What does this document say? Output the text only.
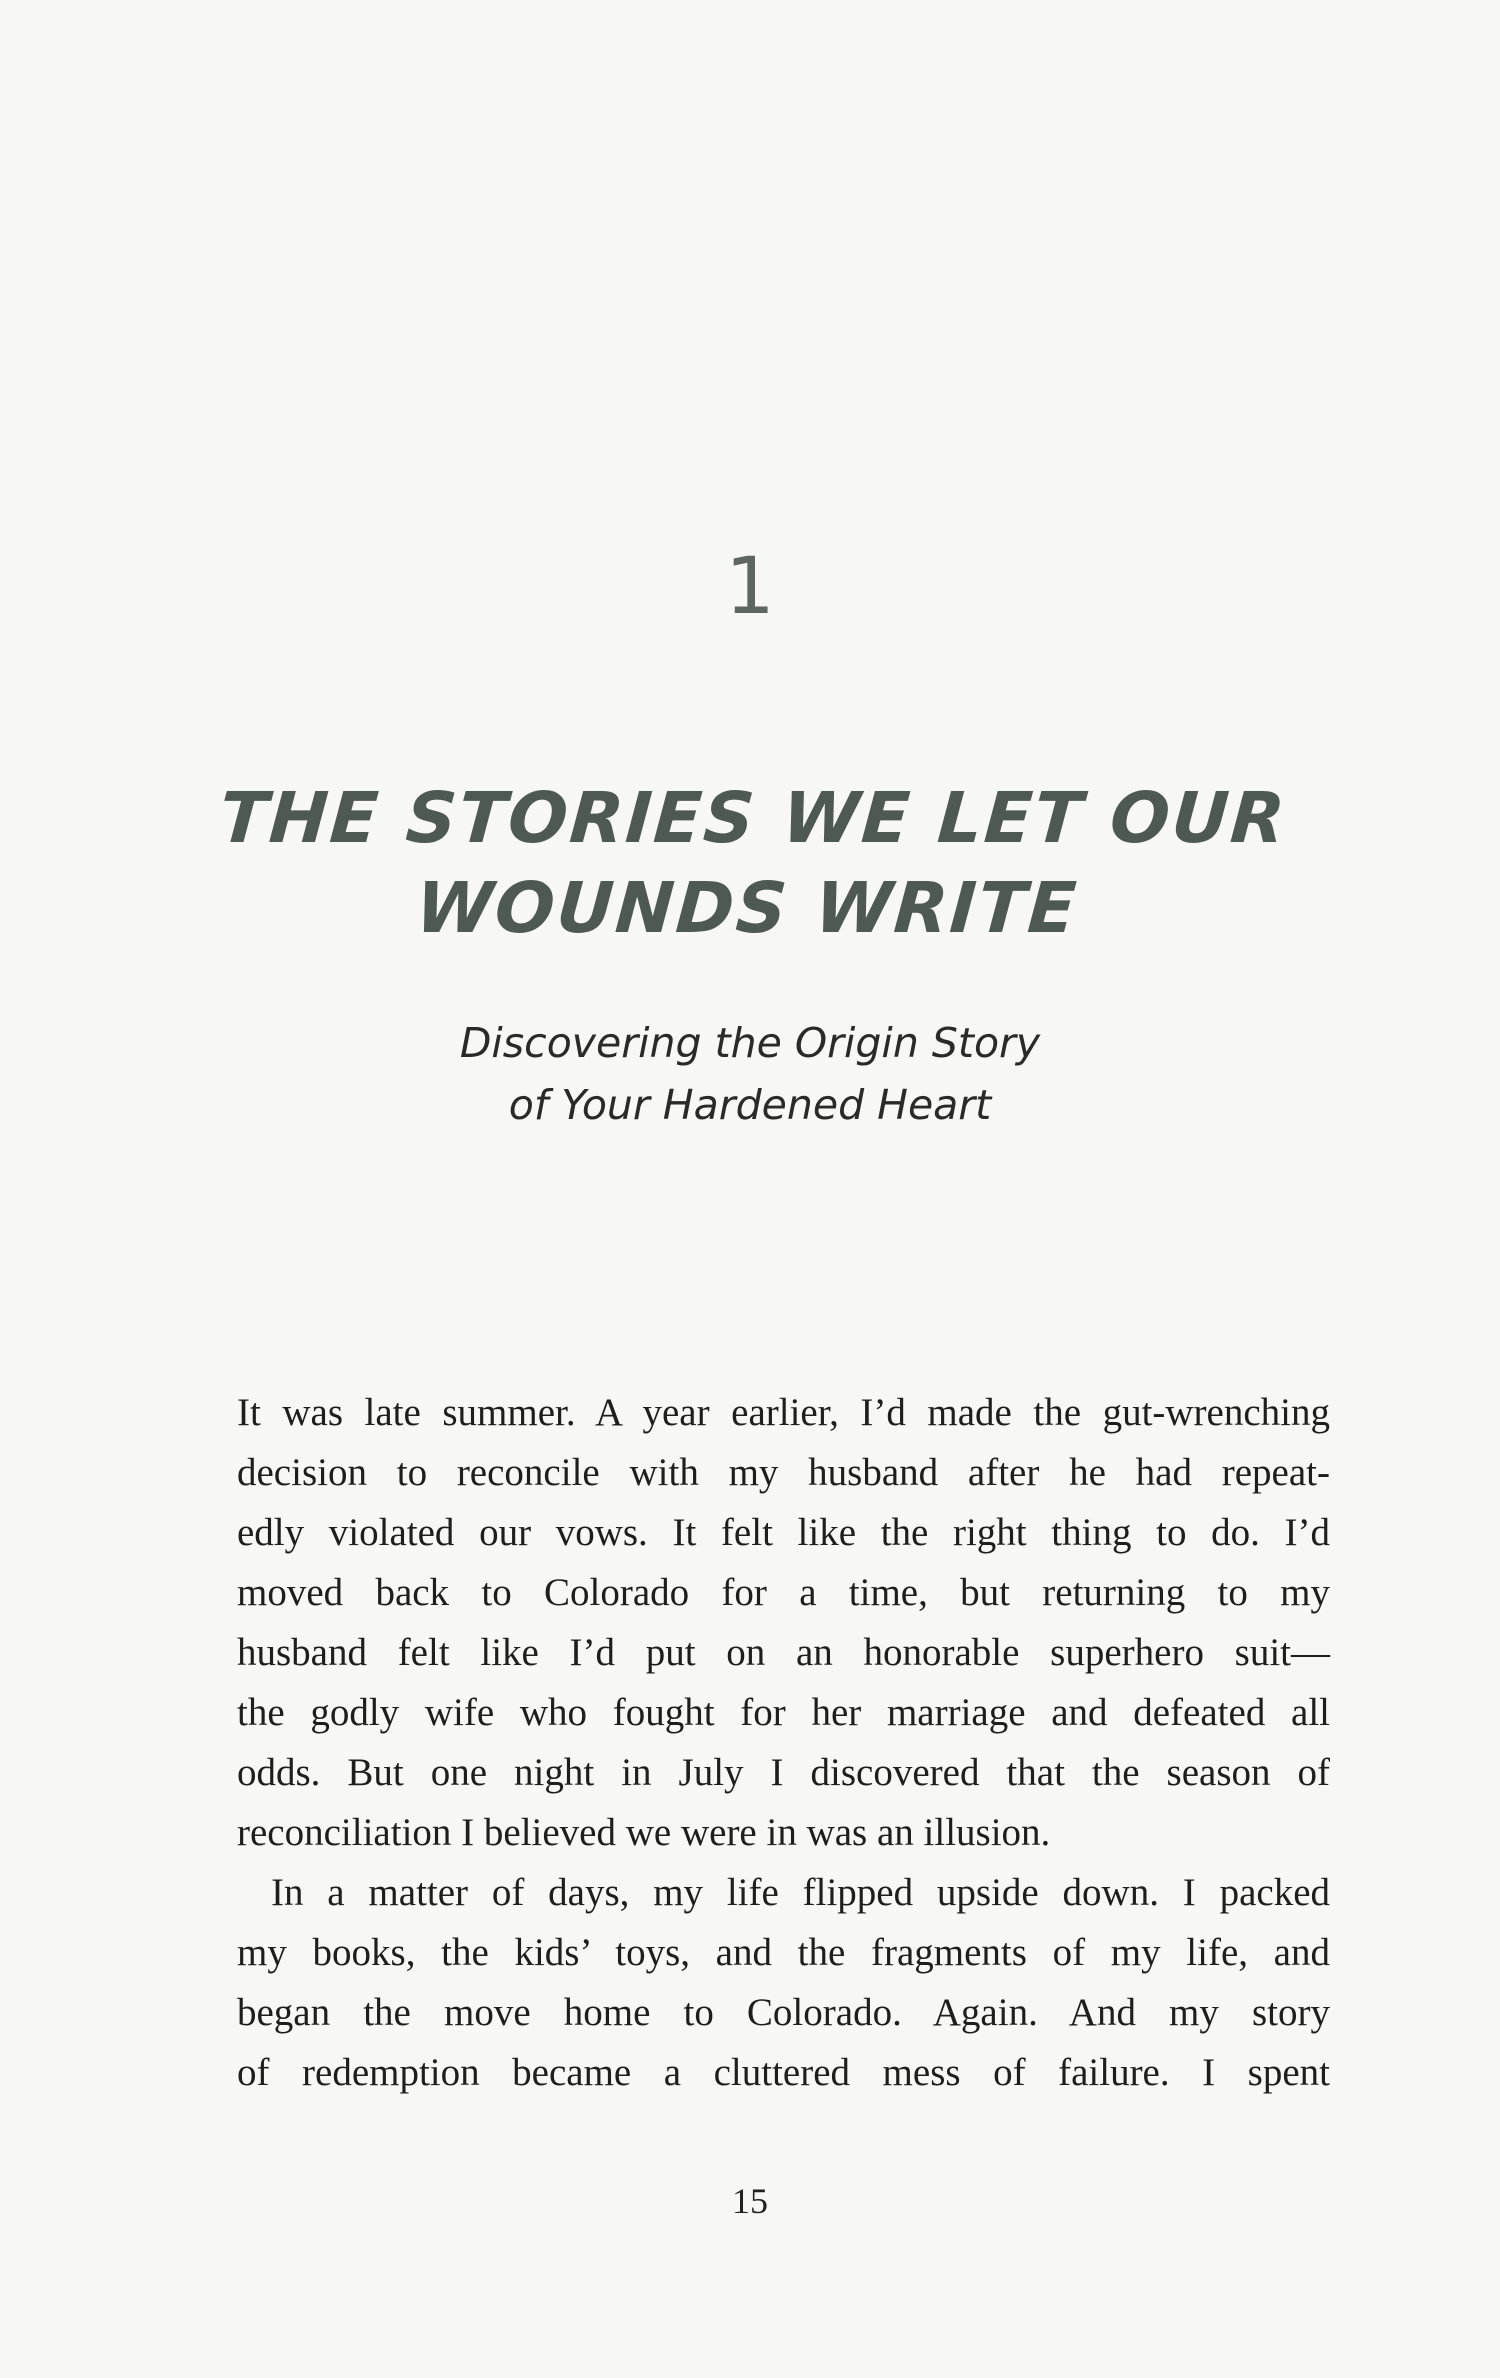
1
THE STORIES WE LET OUR
WOUNDS WRITE
Discovering the Origin Story
of Your Hardened Heart
It was late summer. A year earlier, I’d made the gut-wrenching
decision to reconcile with my husband after he had repeat-
edly violated our vows. It felt like the right thing to do. I’d
moved back to Colorado for a time, but returning to my
husband felt like I’d put on an honorable superhero suit—
the godly wife who fought for her marriage and defeated all
odds. But one night in July I discovered that the season of
reconciliation I believed we were in was an illusion.
In a matter of days, my life flipped upside down. I packed
my books, the kids’ toys, and the fragments of my life, and
began the move home to Colorado. Again. And my story
of redemption became a cluttered mess of failure. I spent
15
